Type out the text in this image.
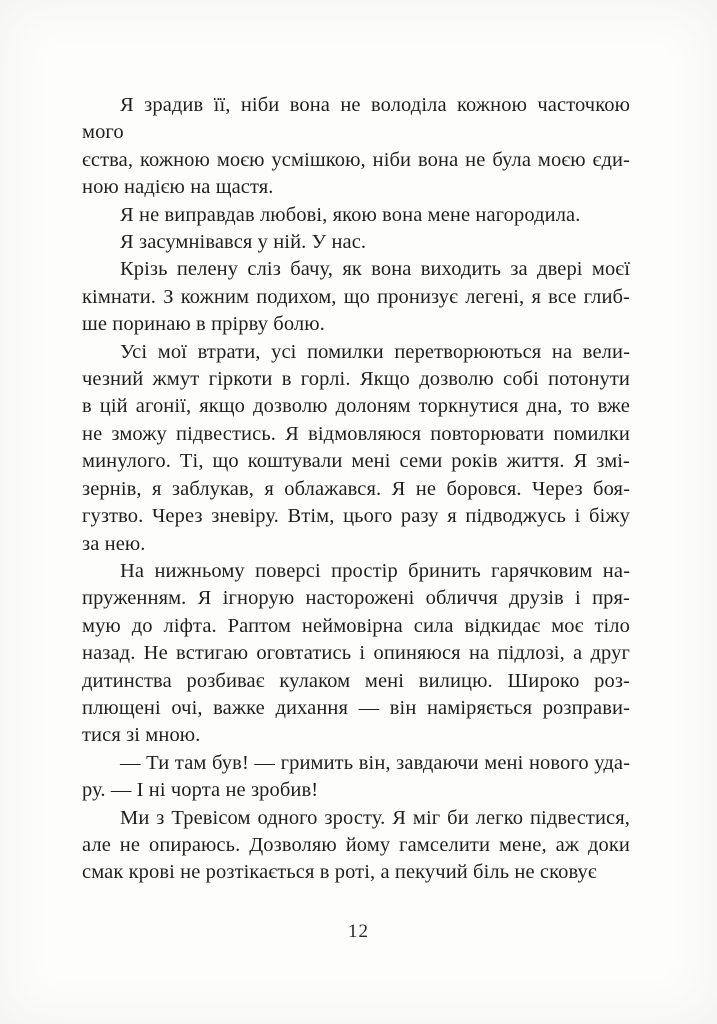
Я зрадив її, ніби вона не володіла кожною часточкою мого
єства, кожною моєю усмішкою, ніби вона не була моєю єди-
ною надією на щастя.
Я не виправдав любові, якою вона мене нагородила.
Я засумнівався у ній. У нас.
Крізь пелену сліз бачу, як вона виходить за двері моєї
кімнати. З кожним подихом, що пронизує легені, я все глиб-
ше поринаю в прірву болю.
Усі мої втрати, усі помилки перетворюються на вели-
чезний жмут гіркоти в горлі. Якщо дозволю собі потонути
в цій агонії, якщо дозволю долоням торкнутися дна, то вже
не зможу підвестись. Я відмовляюся повторювати помилки
минулого. Ті, що коштували мені семи років життя. Я змі-
зернів, я заблукав, я облажався. Я не боровся. Через боя-
гузтво. Через зневіру. Втім, цього разу я підводжусь і біжу
за нею.
На нижньому поверсі простір бринить гарячковим на-
пруженням. Я ігнорую насторожені обличчя друзів і пря-
мую до ліфта. Раптом неймовірна сила відкидає моє тіло
назад. Не встигаю оговтатись і опиняюся на підлозі, а друг
дитинства розбиває кулаком мені вилицю. Широко роз-
плющені очі, важке дихання — він наміряється розправи-
тися зі мною.
— Ти там був! — гримить він, завдаючи мені нового уда-
ру. — І ні чорта не зробив!
Ми з Тревісом одного зросту. Я міг би легко підвестися,
але не опираюсь. Дозволяю йому гамселити мене, аж доки
смак крові не розтікається в роті, а пекучий біль не сковує
12
